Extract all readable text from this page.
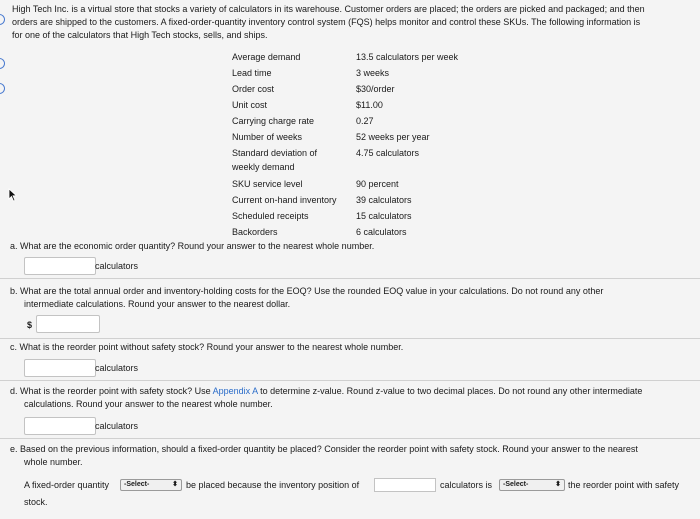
High Tech Inc. is a virtual store that stocks a variety of calculators in its warehouse. Customer orders are placed; the orders are picked and packaged; and then
orders are shipped to the customers. A fixed-order-quantity inventory control system (FQS) helps monitor and control these SKUs. The following information is
for one of the calculators that High Tech stocks, sells, and ships.
Average demand	13.5 calculators per week
Lead time	3 weeks
Order cost	$30/order
Unit cost	$11.00
Carrying charge rate	0.27
Number of weeks	52 weeks per year
Standard deviation of	4.75 calculators
weekly demand
SKU service level	90 percent
Current on-hand inventory 39 calculators
Scheduled receipts	15 calculators
Backorders	6 calculators
a. What are the economic order quantity? Round your answer to the nearest whole number.
calculators
b. What are the total annual order and inventory-holding costs for the EOQ? Use the rounded EOQ value in your calculations. Do not round any other
intermediate calculations. Round your answer to the nearest dollar.
$
c. What is the reorder point without safety stock? Round your answer to the nearest whole number.
calculators
d. What is the reorder point with safety stock? Use Appendix A to determine z-value. Round z-value to two decimal places. Do not round any other intermediate
calculations. Round your answer to the nearest whole number.
calculators
e. Based on the previous information, should a fixed-order quantity be placed? Consider the reorder point with safety stock. Round your answer to the nearest
whole number.
A fixed-order quantity	-Select-	⬍ be placed because the inventory position of	calculators is	-Select-	⬍ the reorder point with safety
stock.
